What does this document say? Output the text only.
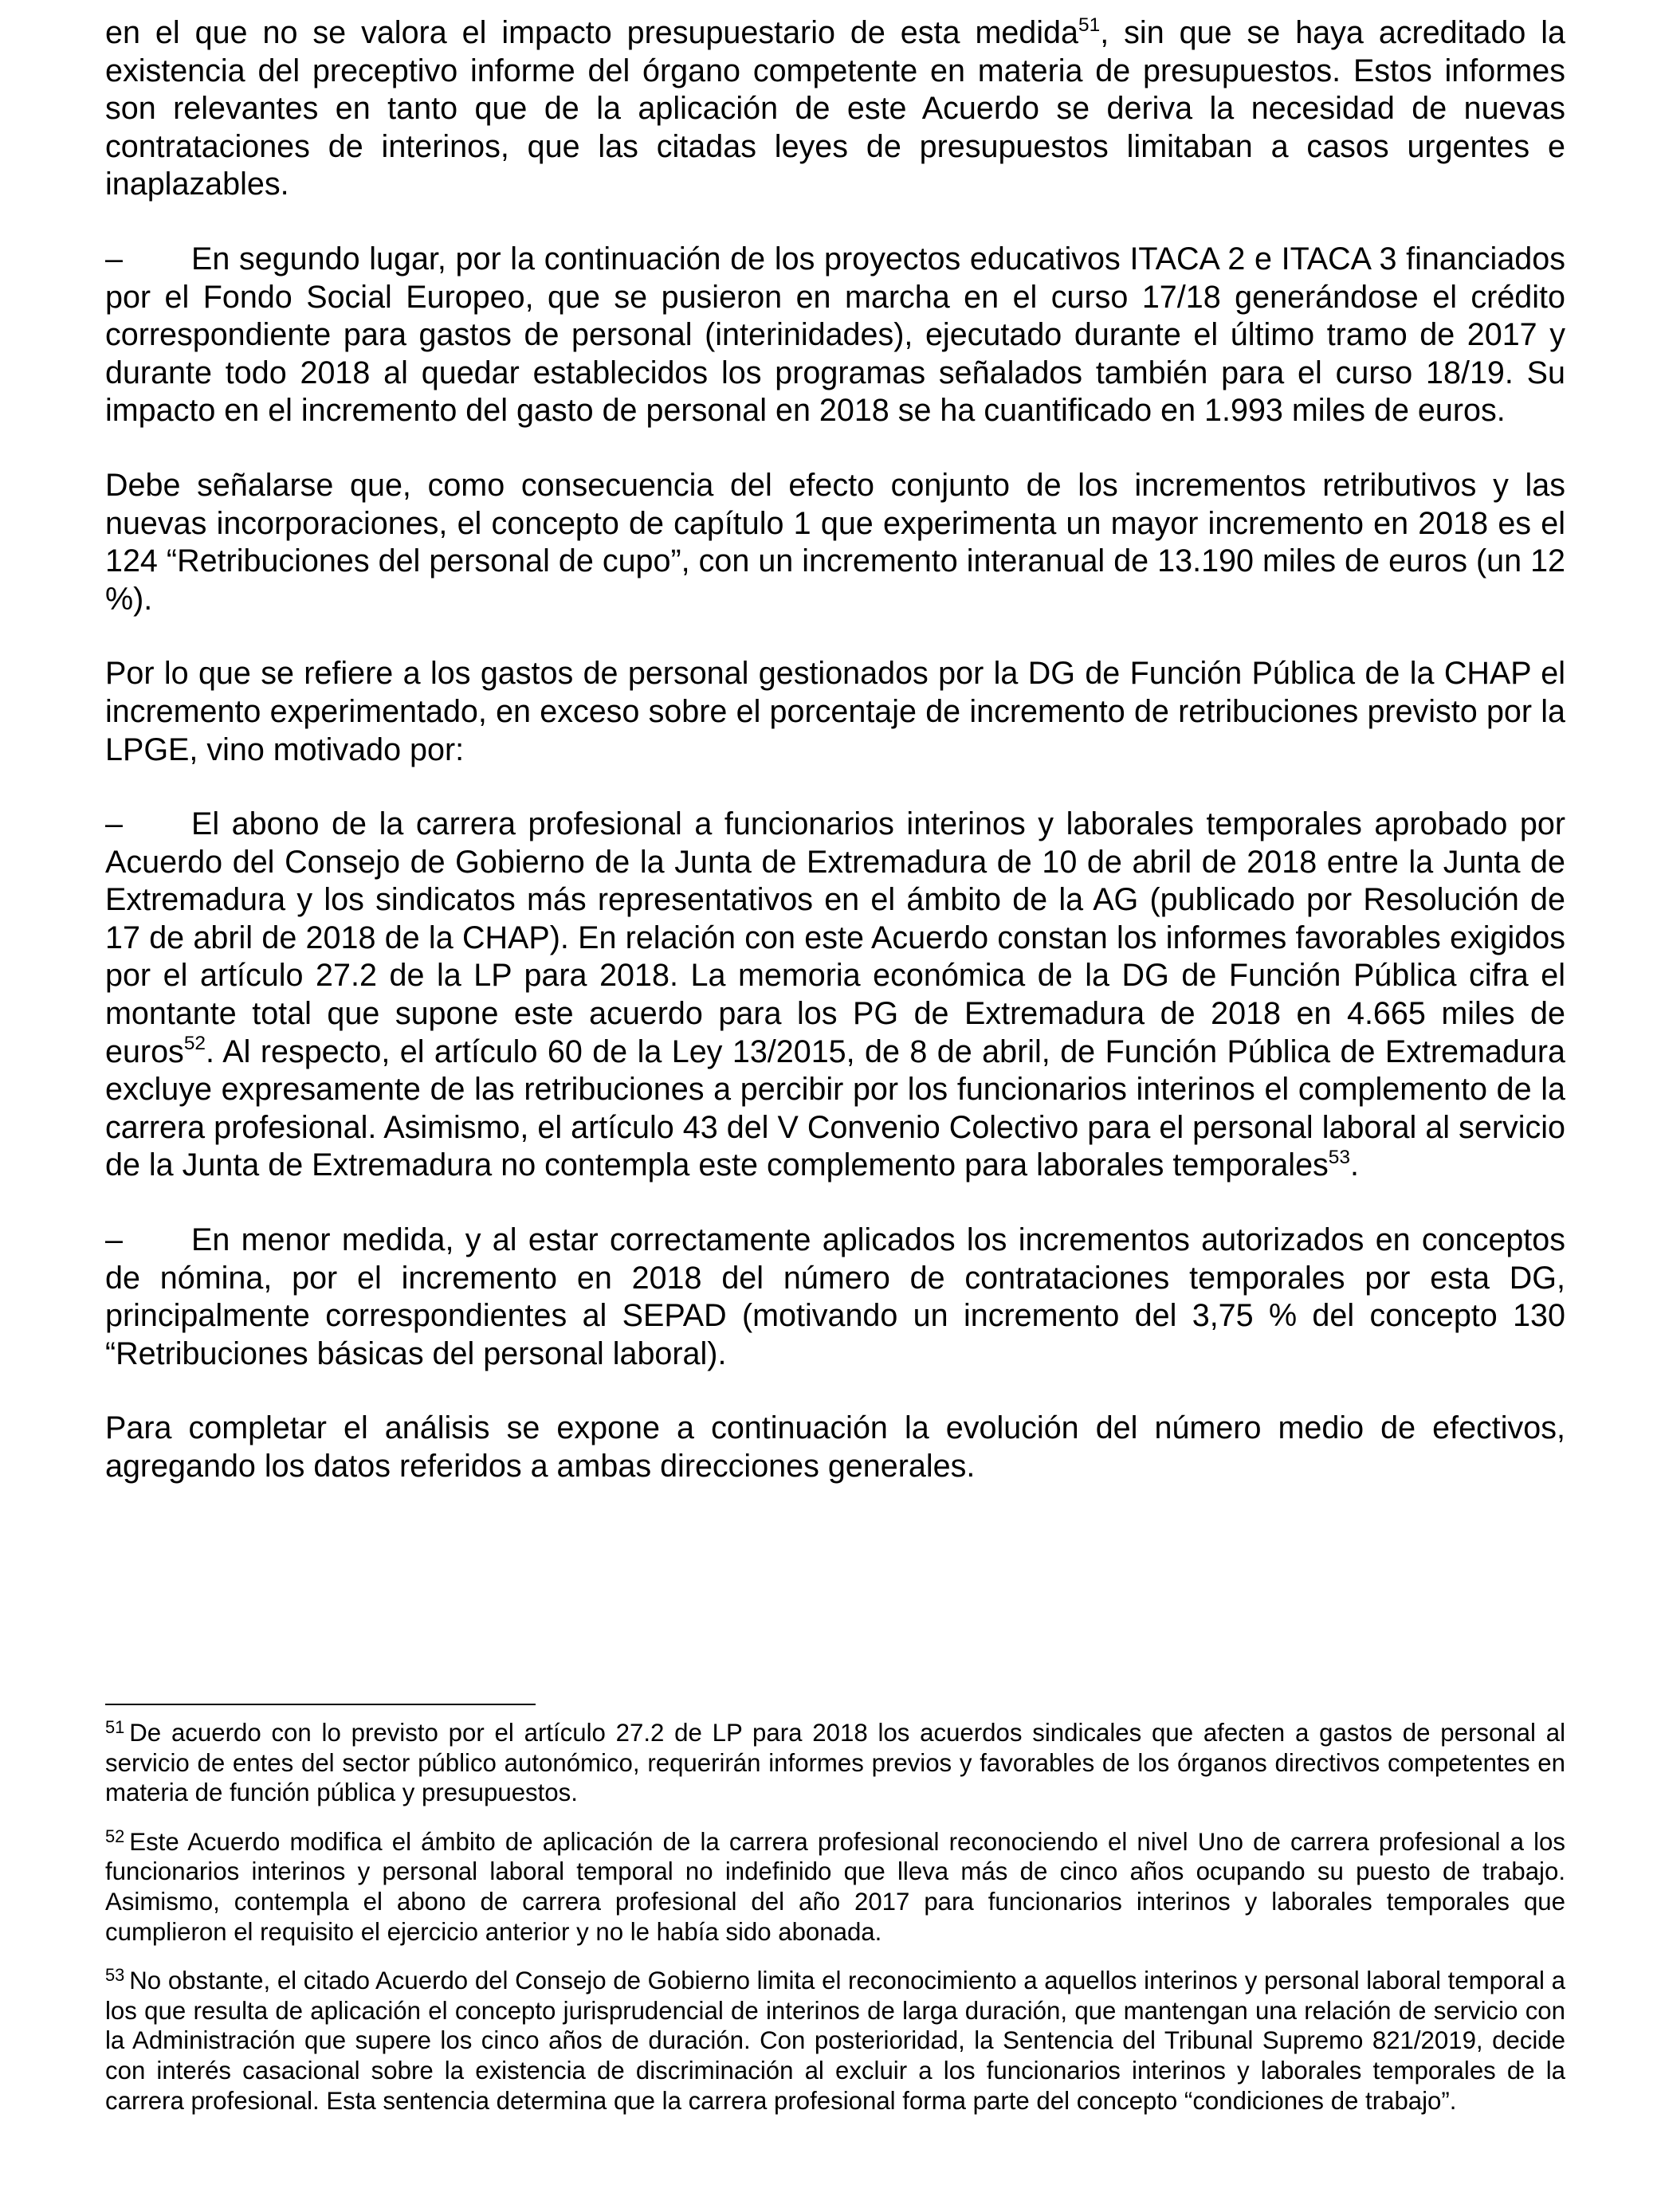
en el que no se valora el impacto presupuestario de esta medida$^{51}$, sin que se haya acreditado la existencia del preceptivo informe del órgano competente en materia de presupuestos. Estos informes son relevantes en tanto que de la aplicación de este Acuerdo se deriva la necesidad de nuevas contrataciones de interinos, que las citadas leyes de presupuestos limitaban a casos urgentes e inaplazables.

– En segundo lugar, por la continuación de los proyectos educativos ITACA 2 e ITACA 3 financiados por el Fondo Social Europeo, que se pusieron en marcha en el curso 17/18 generándose el crédito correspondiente para gastos de personal (interinidades), ejecutado durante el último tramo de 2017 y durante todo 2018 al quedar establecidos los programas señalados también para el curso 18/19. Su impacto en el incremento del gasto de personal en 2018 se ha cuantificado en 1.993 miles de euros.

Debe señalarse que, como consecuencia del efecto conjunto de los incrementos retributivos y las nuevas incorporaciones, el concepto de capítulo 1 que experimenta un mayor incremento en 2018 es el 124 “Retribuciones del personal de cupo”, con un incremento interanual de 13.190 miles de euros (un 12 %).

Por lo que se refiere a los gastos de personal gestionados por la DG de Función Pública de la CHAP el incremento experimentado, en exceso sobre el porcentaje de incremento de retribuciones previsto por la LPGE, vino motivado por:

– El abono de la carrera profesional a funcionarios interinos y laborales temporales aprobado por Acuerdo del Consejo de Gobierno de la Junta de Extremadura de 10 de abril de 2018 entre la Junta de Extremadura y los sindicatos más representativos en el ámbito de la AG (publicado por Resolución de 17 de abril de 2018 de la CHAP). En relación con este Acuerdo constan los informes favorables exigidos por el artículo 27.2 de la LP para 2018. La memoria económica de la DG de Función Pública cifra el montante total que supone este acuerdo para los PG de Extremadura de 2018 en 4.665 miles de euros$^{52}$. Al respecto, el artículo 60 de la Ley 13/2015, de 8 de abril, de Función Pública de Extremadura excluye expresamente de las retribuciones a percibir por los funcionarios interinos el complemento de la carrera profesional. Asimismo, el artículo 43 del V Convenio Colectivo para el personal laboral al servicio de la Junta de Extremadura no contempla este complemento para laborales temporales$^{53}$.

– En menor medida, y al estar correctamente aplicados los incrementos autorizados en conceptos de nómina, por el incremento en 2018 del número de contrataciones temporales por esta DG, principalmente correspondientes al SEPAD (motivando un incremento del 3,75 % del concepto 130 “Retribuciones básicas del personal laboral).

Para completar el análisis se expone a continuación la evolución del número medio de efectivos, agregando los datos referidos a ambas direcciones generales.

$^{51}$ De acuerdo con lo previsto por el artículo 27.2 de LP para 2018 los acuerdos sindicales que afecten a gastos de personal al servicio de entes del sector público autonómico, requerirán informes previos y favorables de los órganos directivos competentes en materia de función pública y presupuestos.

$^{52}$ Este Acuerdo modifica el ámbito de aplicación de la carrera profesional reconociendo el nivel Uno de carrera profesional a los funcionarios interinos y personal laboral temporal no indefinido que lleva más de cinco años ocupando su puesto de trabajo. Asimismo, contempla el abono de carrera profesional del año 2017 para funcionarios interinos y laborales temporales que cumplieron el requisito el ejercicio anterior y no le había sido abonada.

$^{53}$ No obstante, el citado Acuerdo del Consejo de Gobierno limita el reconocimiento a aquellos interinos y personal laboral temporal a los que resulta de aplicación el concepto jurisprudencial de interinos de larga duración, que mantengan una relación de servicio con la Administración que supere los cinco años de duración. Con posterioridad, la Sentencia del Tribunal Supremo 821/2019, decide con interés casacional sobre la existencia de discriminación al excluir a los funcionarios interinos y laborales temporales de la carrera profesional. Esta sentencia determina que la carrera profesional forma parte del concepto “condiciones de trabajo”.
